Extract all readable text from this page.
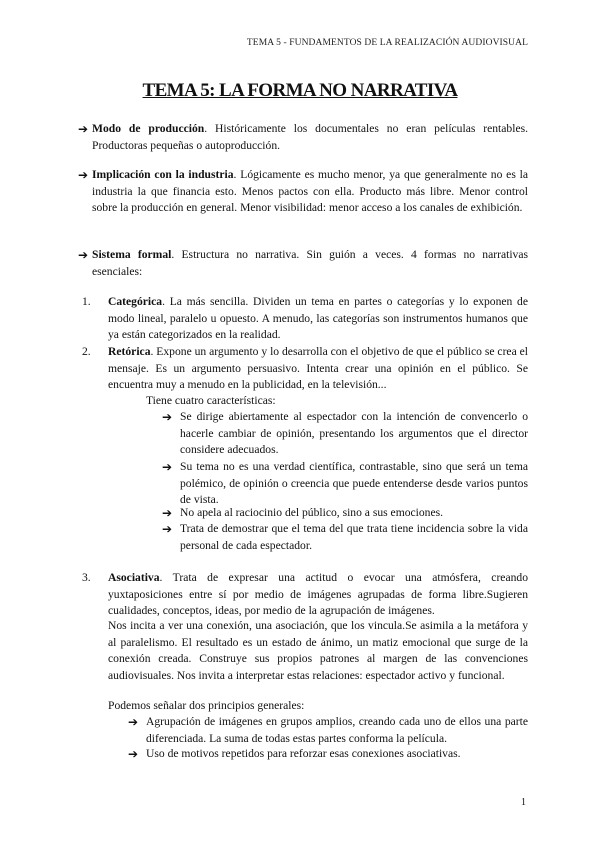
TEMA 5 - FUNDAMENTOS DE LA REALIZACIÓN AUDIOVISUAL
TEMA 5: LA FORMA NO NARRATIVA
➔ Modo de producción. Históricamente los documentales no eran películas rentables. Productoras pequeñas o autoproducción.
➔ Implicación con la industria. Lógicamente es mucho menor, ya que generalmente no es la industria la que financia esto. Menos pactos con ella. Producto más libre. Menor control sobre la producción en general. Menor visibilidad: menor acceso a los canales de exhibición.
➔ Sistema formal. Estructura no narrativa. Sin guión a veces. 4 formas no narrativas esenciales:
1. Categórica. La más sencilla. Dividen un tema en partes o categorías y lo exponen de modo lineal, paralelo u opuesto. A menudo, las categorías son instrumentos humanos que ya están categorizados en la realidad.
2. Retórica. Expone un argumento y lo desarrolla con el objetivo de que el público se crea el mensaje. Es un argumento persuasivo. Intenta crear una opinión en el público. Se encuentra muy a menudo en la publicidad, en la televisión...
Tiene cuatro características:
➔ Se dirige abiertamente al espectador con la intención de convencerlo o hacerle cambiar de opinión, presentando los argumentos que el director considere adecuados.
➔ Su tema no es una verdad científica, contrastable, sino que será un tema polémico, de opinión o creencia que puede entenderse desde varios puntos de vista.
➔ No apela al raciocinio del público, sino a sus emociones.
➔ Trata de demostrar que el tema del que trata tiene incidencia sobre la vida personal de cada espectador.
3. Asociativa. Trata de expresar una actitud o evocar una atmósfera, creando yuxtaposiciones entre sí por medio de imágenes agrupadas de forma libre.Sugieren cualidades, conceptos, ideas, por medio de la agrupación de imágenes.
Nos incita a ver una conexión, una asociación, que los vincula.Se asimila a la metáfora y al paralelismo. El resultado es un estado de ánimo, un matiz emocional que surge de la conexión creada. Construye sus propios patrones al margen de las convenciones audiovisuales. Nos invita a interpretar estas relaciones: espectador activo y funcional.
Podemos señalar dos principios generales:
➔ Agrupación de imágenes en grupos amplios, creando cada uno de ellos una parte diferenciada. La suma de todas estas partes conforma la película.
➔ Uso de motivos repetidos para reforzar esas conexiones asociativas.
1
